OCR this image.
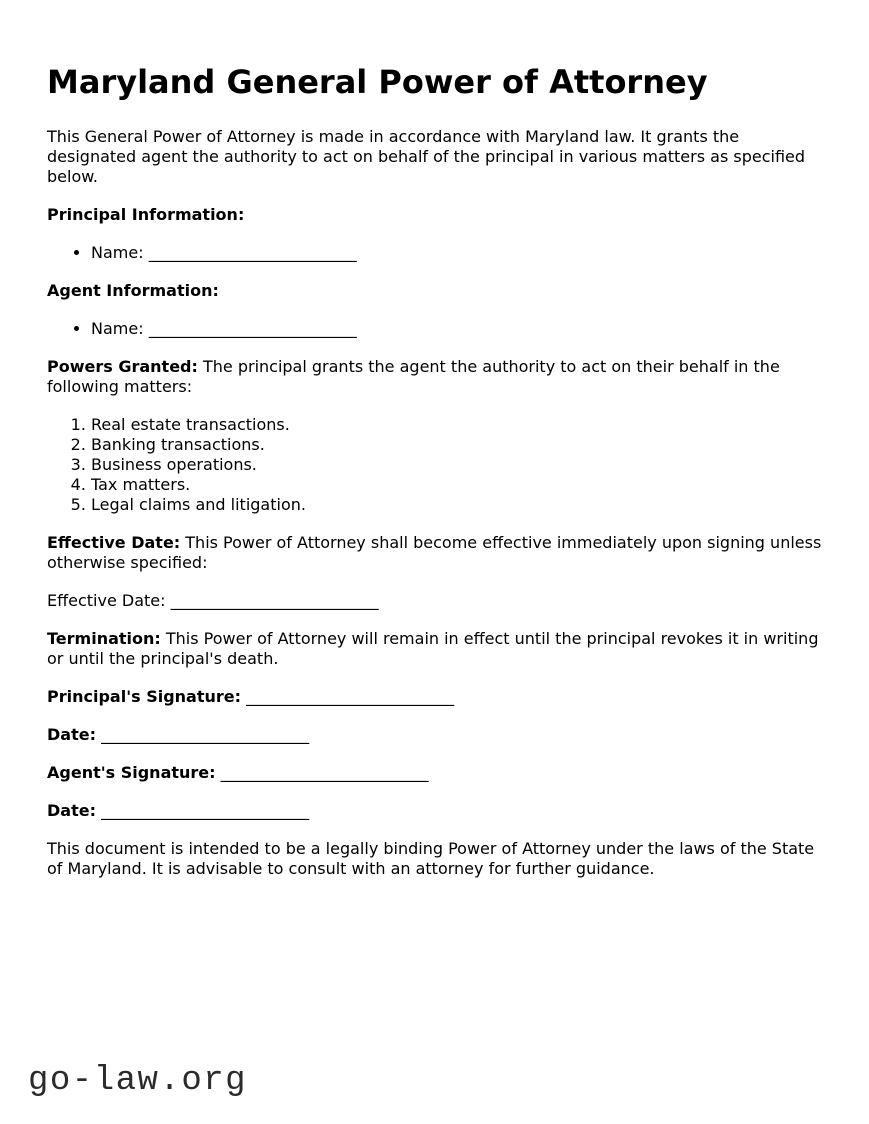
Maryland General Power of Attorney

This General Power of Attorney is made in accordance with Maryland law. It grants the designated agent the authority to act on behalf of the principal in various matters as specified below.

Principal Information:

• Name: __________________________

Agent Information:

• Name: __________________________

Powers Granted: The principal grants the agent the authority to act on their behalf in the following matters:

1. Real estate transactions.
2. Banking transactions.
3. Business operations.
4. Tax matters.
5. Legal claims and litigation.

Effective Date: This Power of Attorney shall become effective immediately upon signing unless otherwise specified:

Effective Date: __________________________

Termination: This Power of Attorney will remain in effect until the principal revokes it in writing or until the principal's death.

Principal's Signature: __________________________

Date: __________________________

Agent's Signature: __________________________

Date: __________________________

This document is intended to be a legally binding Power of Attorney under the laws of the State of Maryland. It is advisable to consult with an attorney for further guidance.

go-law.org
